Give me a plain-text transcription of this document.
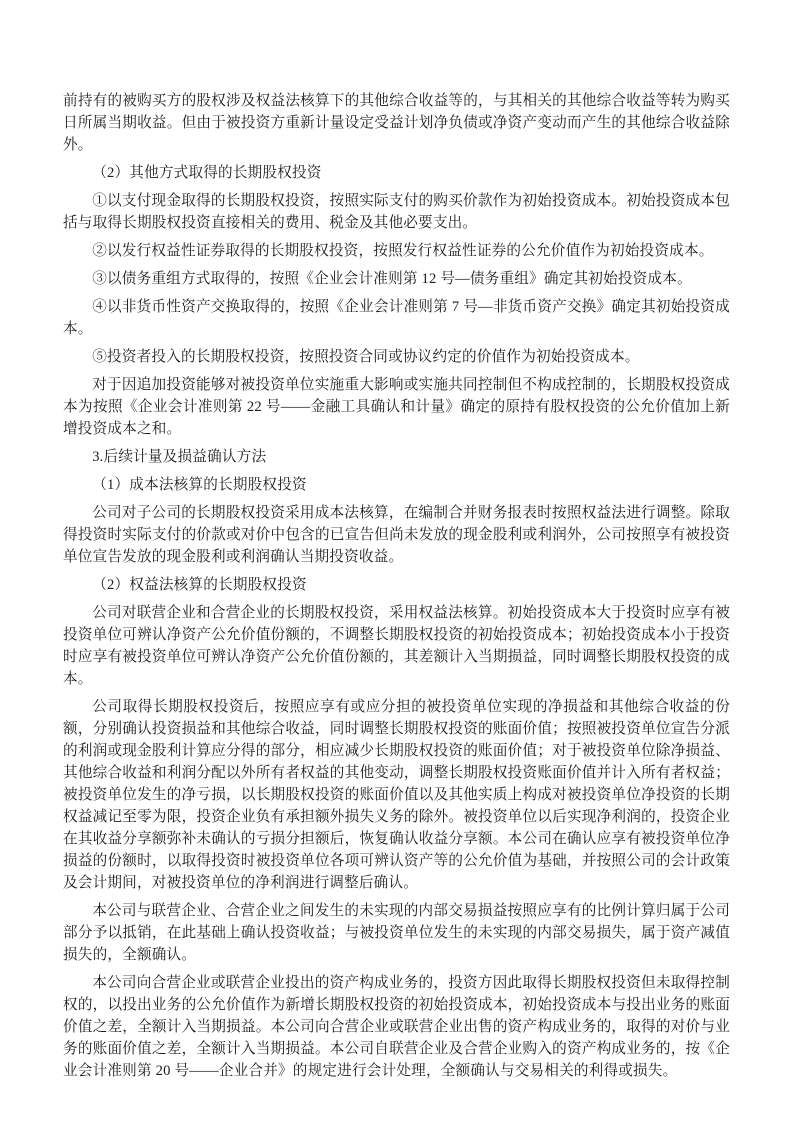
前持有的被购买方的股权涉及权益法核算下的其他综合收益等的，与其相关的其他综合收益等转为购买日所属当期收益。但由于被投资方重新计量设定受益计划净负债或净资产变动而产生的其他综合收益除外。

（2）其他方式取得的长期股权投资

①以支付现金取得的长期股权投资，按照实际支付的购买价款作为初始投资成本。初始投资成本包括与取得长期股权投资直接相关的费用、税金及其他必要支出。

②以发行权益性证券取得的长期股权投资，按照发行权益性证券的公允价值作为初始投资成本。

③以债务重组方式取得的，按照《企业会计准则第 12 号—债务重组》确定其初始投资成本。

④以非货币性资产交换取得的，按照《企业会计准则第 7 号—非货币资产交换》确定其初始投资成本。

⑤投资者投入的长期股权投资，按照投资合同或协议约定的价值作为初始投资成本。

对于因追加投资能够对被投资单位实施重大影响或实施共同控制但不构成控制的，长期股权投资成本为按照《企业会计准则第 22 号——金融工具确认和计量》确定的原持有股权投资的公允价值加上新增投资成本之和。

3.后续计量及损益确认方法

（1）成本法核算的长期股权投资

公司对子公司的长期股权投资采用成本法核算，在编制合并财务报表时按照权益法进行调整。除取得投资时实际支付的价款或对价中包含的已宣告但尚未发放的现金股利或利润外，公司按照享有被投资单位宣告发放的现金股利或利润确认当期投资收益。

（2）权益法核算的长期股权投资

公司对联营企业和合营企业的长期股权投资，采用权益法核算。初始投资成本大于投资时应享有被投资单位可辨认净资产公允价值份额的，不调整长期股权投资的初始投资成本；初始投资成本小于投资时应享有被投资单位可辨认净资产公允价值份额的，其差额计入当期损益，同时调整长期股权投资的成本。

公司取得长期股权投资后，按照应享有或应分担的被投资单位实现的净损益和其他综合收益的份额，分别确认投资损益和其他综合收益，同时调整长期股权投资的账面价值；按照被投资单位宣告分派的利润或现金股利计算应分得的部分，相应减少长期股权投资的账面价值；对于被投资单位除净损益、其他综合收益和利润分配以外所有者权益的其他变动，调整长期股权投资账面价值并计入所有者权益；被投资单位发生的净亏损，以长期股权投资的账面价值以及其他实质上构成对被投资单位净投资的长期权益减记至零为限，投资企业负有承担额外损失义务的除外。被投资单位以后实现净利润的，投资企业在其收益分享额弥补未确认的亏损分担额后，恢复确认收益分享额。本公司在确认应享有被投资单位净损益的份额时，以取得投资时被投资单位各项可辨认资产等的公允价值为基础，并按照公司的会计政策及会计期间，对被投资单位的净利润进行调整后确认。

本公司与联营企业、合营企业之间发生的未实现的内部交易损益按照应享有的比例计算归属于公司部分予以抵销，在此基础上确认投资收益；与被投资单位发生的未实现的内部交易损失，属于资产减值损失的，全额确认。

本公司向合营企业或联营企业投出的资产构成业务的，投资方因此取得长期股权投资但未取得控制权的，以投出业务的公允价值作为新增长期股权投资的初始投资成本，初始投资成本与投出业务的账面价值之差，全额计入当期损益。本公司向合营企业或联营企业出售的资产构成业务的，取得的对价与业务的账面价值之差，全额计入当期损益。本公司自联营企业及合营企业购入的资产构成业务的，按《企业会计准则第 20 号——企业合并》的规定进行会计处理，全额确认与交易相关的利得或损失。
